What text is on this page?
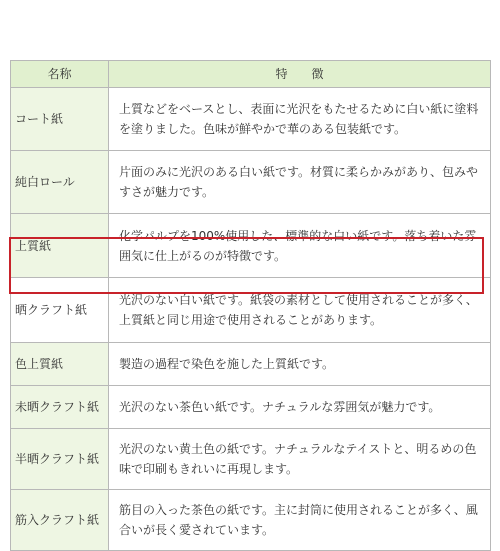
名称	特　　徴
コート紙	上質などをベースとし、表面に光沢をもたせるために白い紙に塗料を塗りました。色味が鮮やかで華のある包装紙です。
純白ロール	片面のみに光沢のある白い紙です。材質に柔らかみがあり、包みやすさが魅力です。
上質紙	化学パルプを100%使用した、標準的な白い紙です。落ち着いた雰囲気に仕上がるのが特徴です。
晒クラフト紙	光沢のない白い紙です。紙袋の素材として使用されることが多く、上質紙と同じ用途で使用されることがあります。
色上質紙	製造の過程で染色を施した上質紙です。
未晒クラフト紙	光沢のない茶色い紙です。ナチュラルな雰囲気が魅力です。
半晒クラフト紙	光沢のない黄土色の紙です。ナチュラルなテイストと、明るめの色味で印刷もきれいに再現します。
筋入クラフト紙	筋目の入った茶色の紙です。主に封筒に使用されることが多く、風合いが長く愛されています。
